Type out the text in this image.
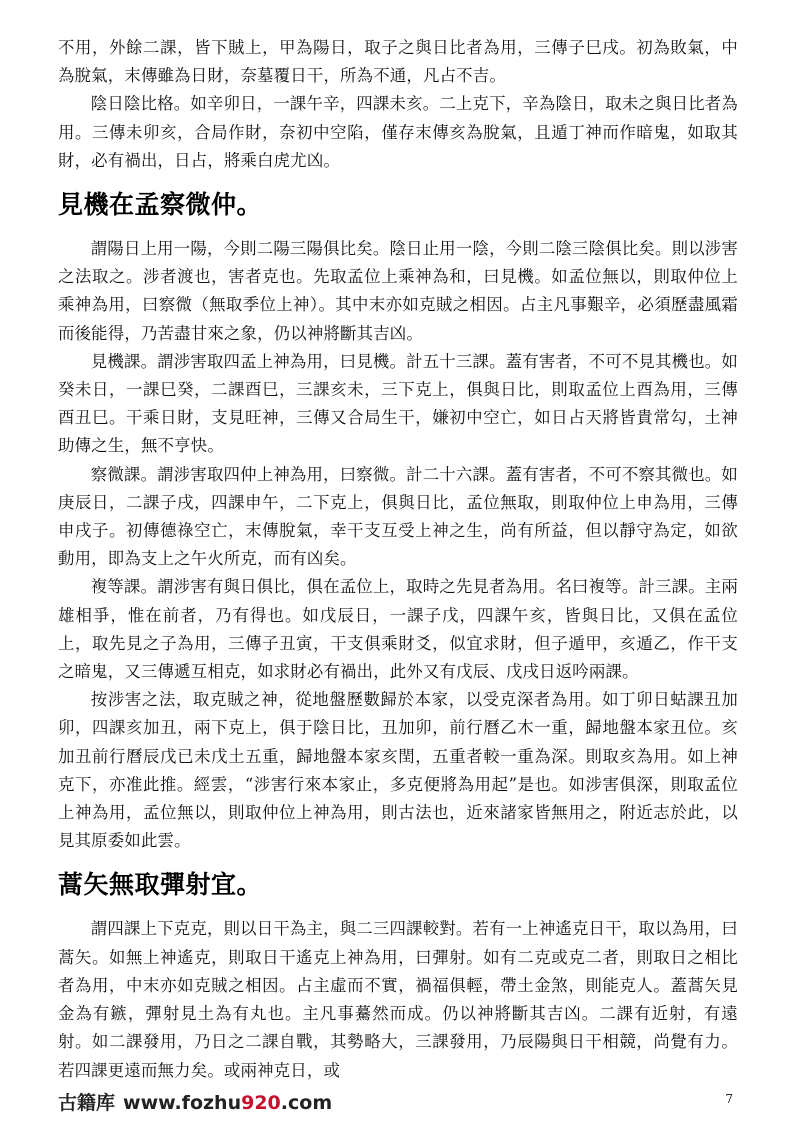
不用，外餘二課，皆下賊上，甲為陽日，取子之與日比者為用，三傳子巳戌。初為敗氣，中為脫氣，末傳雖為日財，奈墓覆日干，所為不通，凡占不吉。

陰日陰比格。如辛卯日，一課午辛，四課未亥。二上克下，辛為陰日，取未之與日比者為用。三傳未卯亥，合局作財，奈初中空陷，僅存末傳亥為脫氣，且遁丁神而作暗鬼，如取其財，必有禍出，日占，將乘白虎尤凶。

見機在孟察微仲。

謂陽日上用一陽，今則二陽三陽俱比矣。陰日止用一陰，今則二陰三陰俱比矣。則以涉害之法取之。涉者渡也，害者克也。先取孟位上乘神為和，曰見機。如孟位無以，則取仲位上乘神為用，曰察微（無取季位上神）。其中末亦如克賊之相因。占主凡事艱辛，必須歷盡風霜而後能得，乃苦盡甘來之象，仍以神將斷其吉凶。

見機課。謂涉害取四孟上神為用，曰見機。計五十三課。蓋有害者，不可不見其機也。如癸未日，一課巳癸，二課酉巳，三課亥未，三下克上，俱與日比，則取孟位上酉為用，三傳酉丑巳。干乘日財，支見旺神，三傳又合局生干，嫌初中空亡，如日占天將皆貴常勾，土神助傳之生，無不亨快。

察微課。謂涉害取四仲上神為用，曰察微。計二十六課。蓋有害者，不可不察其微也。如庚辰日，二課子戌，四課申午，二下克上，俱與日比，孟位無取，則取仲位上申為用，三傳申戌子。初傳德祿空亡，末傳脫氣，幸干支互受上神之生，尚有所益，但以靜守為定，如欲動用，即為支上之午火所克，而有凶矣。

複等課。謂涉害有與日俱比，俱在孟位上，取時之先見者為用。名曰複等。計三課。主兩雄相爭，惟在前者，乃有得也。如戊辰日，一課子戊，四課午亥，皆與日比，又俱在孟位上，取先見之子為用，三傳子丑寅，干支俱乘財爻，似宜求財，但子遁甲，亥遁乙，作干支之暗鬼，又三傳遞互相克，如求財必有禍出，此外又有戊辰、戊戌日返吟兩課。

按涉害之法，取克賊之神，從地盤歷數歸於本家，以受克深者為用。如丁卯日蛄課丑加卯，四課亥加丑，兩下克上，俱于陰日比，丑加卯，前行曆乙木一重，歸地盤本家丑位。亥加丑前行曆辰戊已未戊土五重，歸地盤本家亥閏，五重者較一重為深。則取亥為用。如上神克下，亦准此推。經雲，“涉害行來本家止，多克便將為用起”是也。如涉害俱深，則取孟位上神為用，孟位無以，則取仲位上神為用，則古法也，近來諸家皆無用之，附近志於此，以見其原委如此雲。

蒿矢無取彈射宜。

謂四課上下克克，則以日干為主，與二三四課較對。若有一上神遙克日干，取以為用，曰蒿矢。如無上神遙克，則取日干遙克上神為用，曰彈射。如有二克或克二者，則取日之相比者為用，中末亦如克賊之相因。占主虛而不實，禍福俱輕，帶土金煞，則能克人。蓋蒿矢見金為有鏃，彈射見土為有丸也。主凡事驀然而成。仍以神將斷其吉凶。二課有近射，有遠射。如二課發用，乃日之二課自戰，其勢略大，三課發用，乃辰陽與日干相競，尚覺有力。若四課更遠而無力矣。或兩神克日，或

古籍库 www.fozhu920.com	7
